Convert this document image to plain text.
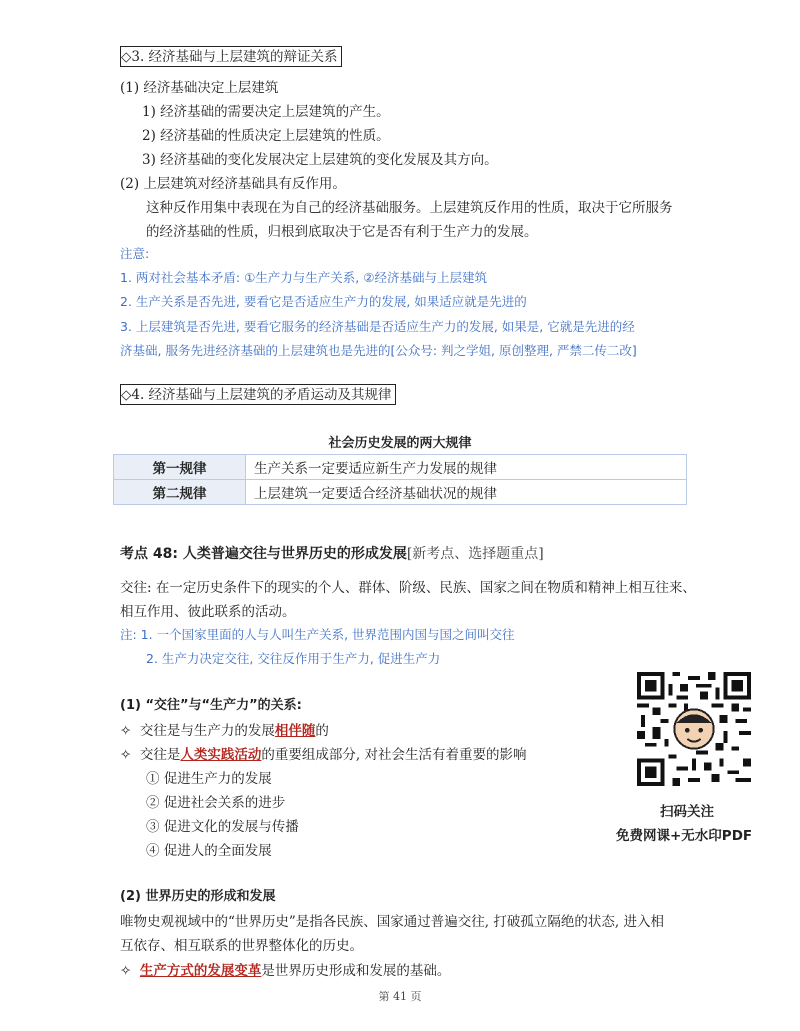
◇3. 经济基础与上层建筑的辩证关系
(1) 经济基础决定上层建筑
1) 经济基础的需要决定上层建筑的产生。
2) 经济基础的性质决定上层建筑的性质。
3) 经济基础的变化发展决定上层建筑的变化发展及其方向。
(2) 上层建筑对经济基础具有反作用。
这种反作用集中表现在为自己的经济基础服务。上层建筑反作用的性质，取决于它所服务
的经济基础的性质，归根到底取决于它是否有利于生产力的发展。
注意:
1. 两对社会基本矛盾: ①生产力与生产关系, ②经济基础与上层建筑
2. 生产关系是否先进, 要看它是否适应生产力的发展, 如果适应就是先进的
3. 上层建筑是否先进, 要看它服务的经济基础是否适应生产力的发展, 如果是, 它就是先进的经
济基础, 服务先进经济基础的上层建筑也是先进的[公众号: 判之学姐, 原创整理, 严禁二传二改]
◇4. 经济基础与上层建筑的矛盾运动及其规律
社会历史发展的两大规律
第一规律	生产关系一定要适应新生产力发展的规律
第二规律	上层建筑一定要适合经济基础状况的规律
考点 48: 人类普遍交往与世界历史的形成发展[新考点、选择题重点]
交往: 在一定历史条件下的现实的个人、群体、阶级、民族、国家之间在物质和精神上相互往来、
相互作用、彼此联系的活动。
注: 1. 一个国家里面的人与人叫生产关系, 世界范围内国与国之间叫交往
2. 生产力决定交往, 交往反作用于生产力, 促进生产力
(1) “交往”与“生产力”的关系:
✧ 交往是与生产力的发展相伴随的
✧ 交往是人类实践活动的重要组成部分, 对社会生活有着重要的影响
① 促进生产力的发展
② 促进社会关系的进步
③ 促进文化的发展与传播
④ 促进人的全面发展
(2) 世界历史的形成和发展
唯物史观视域中的“世界历史”是指各民族、国家通过普遍交往, 打破孤立隔绝的状态, 进入相
互依存、相互联系的世界整体化的历史。
✧ 生产方式的发展变革是世界历史形成和发展的基础。
扫码关注
免费网课+无水印PDF
第 41 页
